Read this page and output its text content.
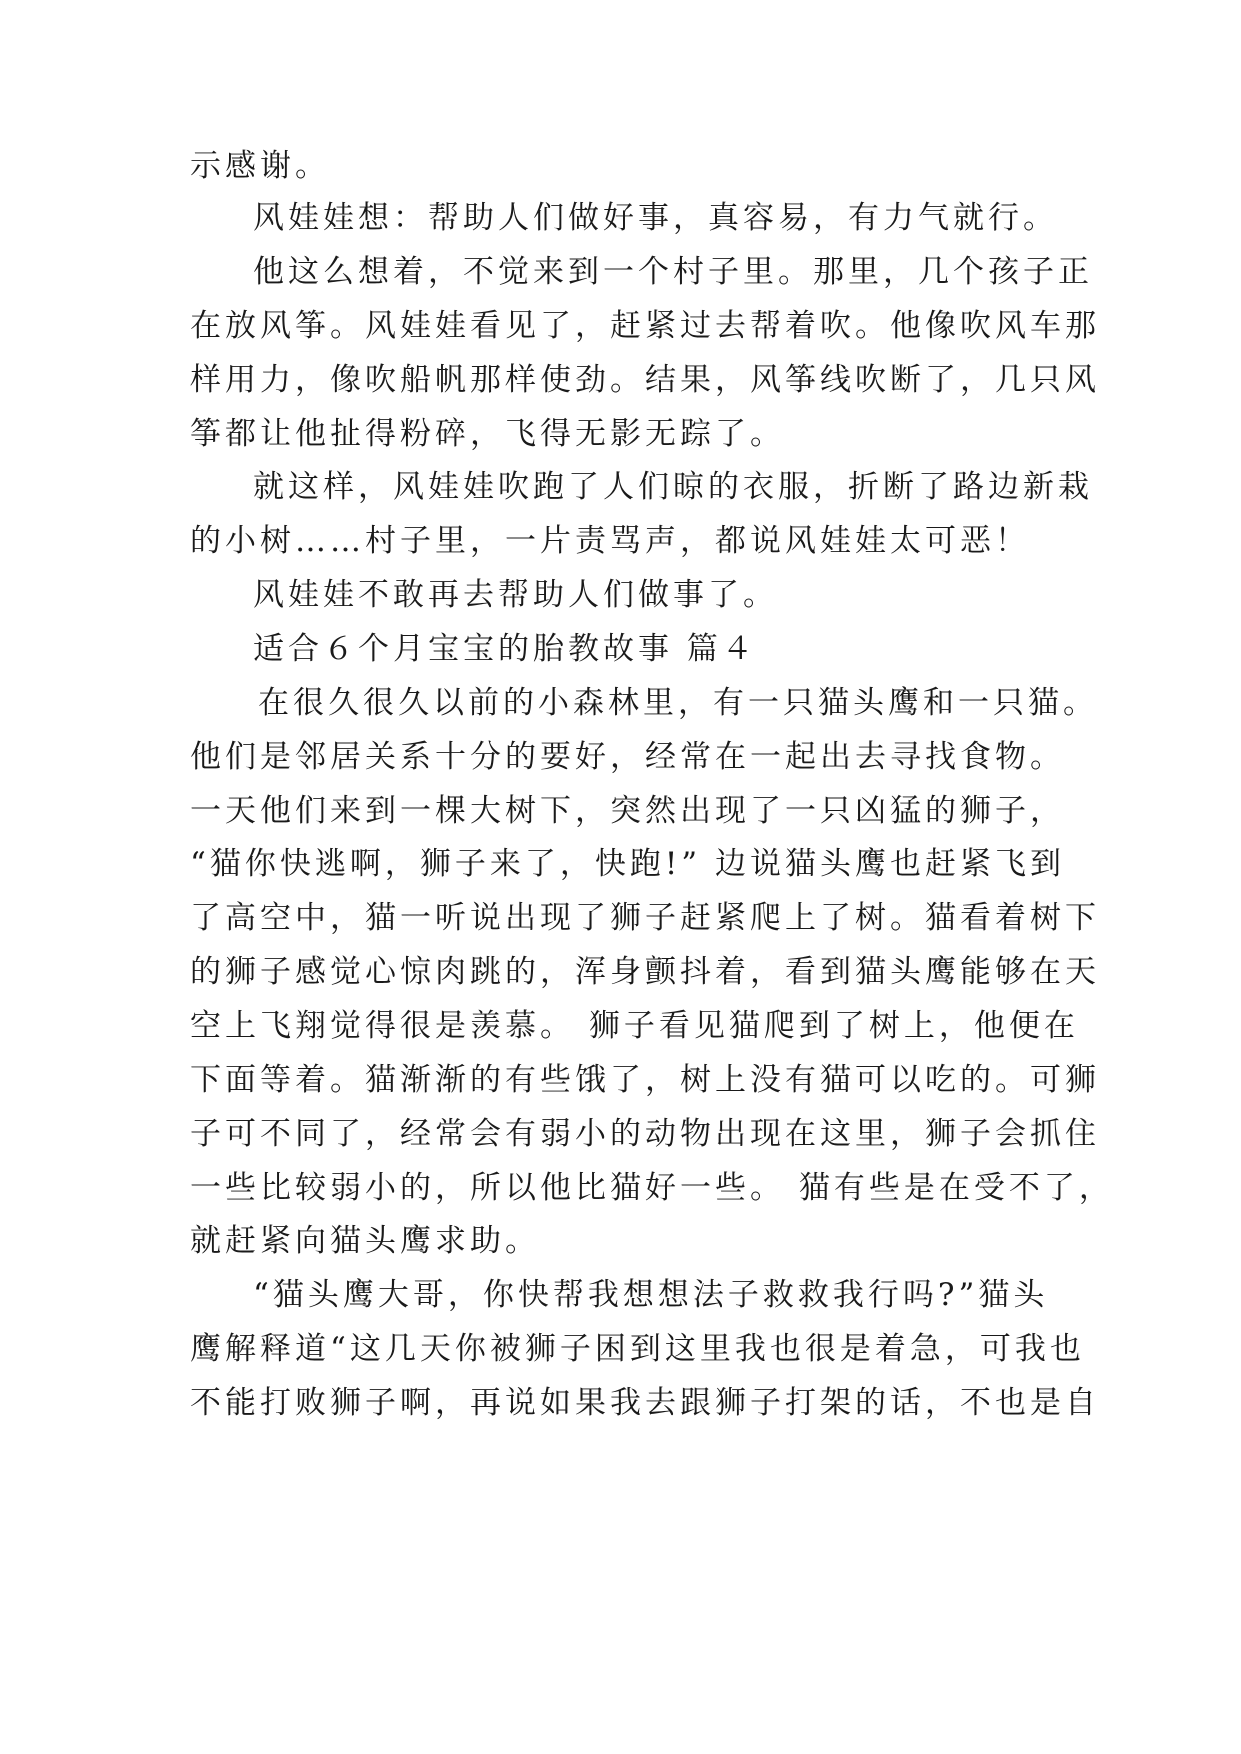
示感谢。
风娃娃想：帮助人们做好事，真容易，有力气就行。
他这么想着，不觉来到一个村子里。那里，几个孩子正
在放风筝。风娃娃看见了，赶紧过去帮着吹。他像吹风车那
样用力，像吹船帆那样使劲。结果，风筝线吹断了，几只风
筝都让他扯得粉碎，飞得无影无踪了。
就这样，风娃娃吹跑了人们晾的衣服，折断了路边新栽
的小树……村子里，一片责骂声，都说风娃娃太可恶！
风娃娃不敢再去帮助人们做事了。
适合６个月宝宝的胎教故事 篇４
在很久很久以前的小森林里，有一只猫头鹰和一只猫。
他们是邻居关系十分的要好，经常在一起出去寻找食物。
一天他们来到一棵大树下，突然出现了一只凶猛的狮子，
“猫你快逃啊，狮子来了，快跑!” 边说猫头鹰也赶紧飞到
了高空中，猫一听说出现了狮子赶紧爬上了树。猫看着树下
的狮子感觉心惊肉跳的，浑身颤抖着，看到猫头鹰能够在天
空上飞翔觉得很是羡慕。 狮子看见猫爬到了树上，他便在
下面等着。猫渐渐的有些饿了，树上没有猫可以吃的。可狮
子可不同了，经常会有弱小的动物出现在这里，狮子会抓住
一些比较弱小的，所以他比猫好一些。 猫有些是在受不了，
就赶紧向猫头鹰求助。
“猫头鹰大哥，你快帮我想想法子救救我行吗?”猫头
鹰解释道“这几天你被狮子困到这里我也很是着急，可我也
不能打败狮子啊，再说如果我去跟狮子打架的话，不也是自
